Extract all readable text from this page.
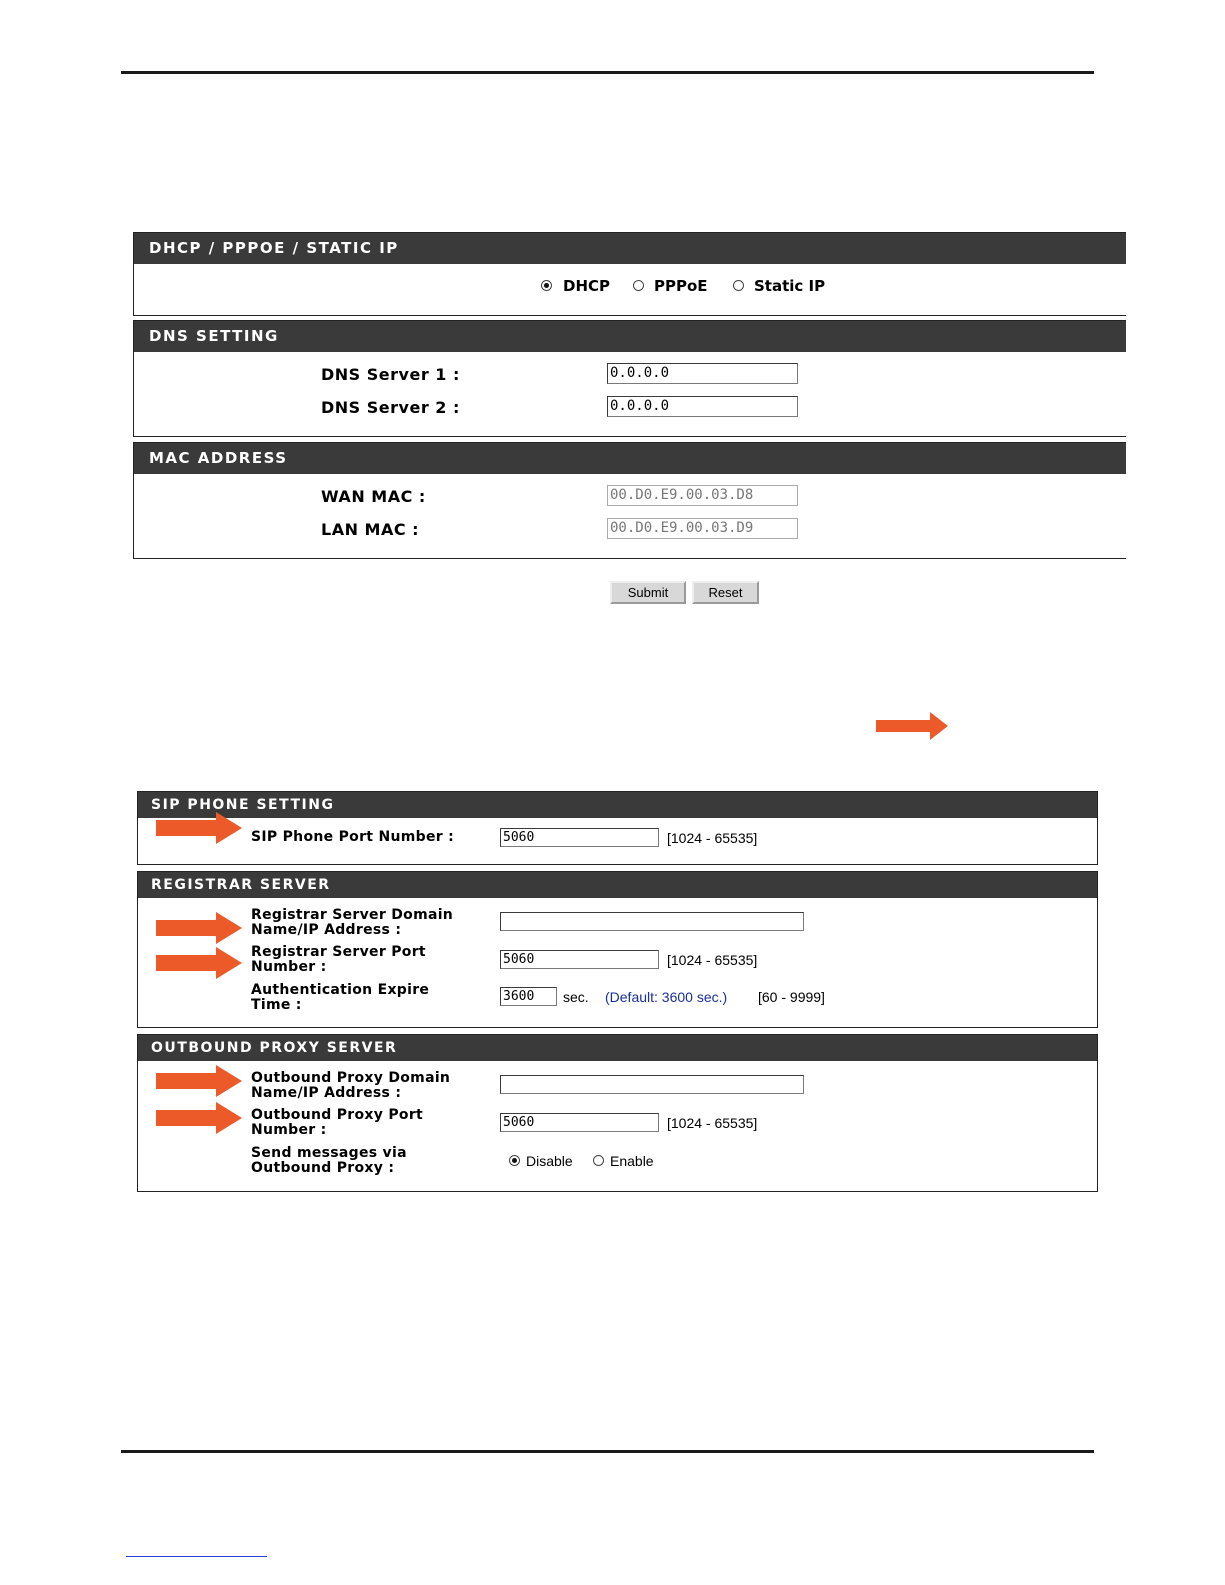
DHCP / PPPOE / STATIC IP
DHCP	PPPoE	Static IP
DNS SETTING
DNS Server 1 :	0.0.0.0
DNS Server 2 :	0.0.0.0
MAC ADDRESS
WAN MAC :	00.D0.E9.00.03.D8
LAN MAC :	00.D0.E9.00.03.D9
Submit	Reset
SIP PHONE SETTING
SIP Phone Port Number :	5060	[1024 - 65535]
REGISTRAR SERVER
Registrar Server Domain
Name/IP Address :
Registrar Server Port
Number :	5060	[1024 - 65535]
Authentication Expire
Time :
3600	sec. (Default: 3600 sec.) [60 - 9999]
OUTBOUND PROXY SERVER
Outbound Proxy Domain
Name/IP Address :
Outbound Proxy Port
Number :	5060	[1024 - 65535]
Send messages via
Outbound Proxy :	Disable	Enable
